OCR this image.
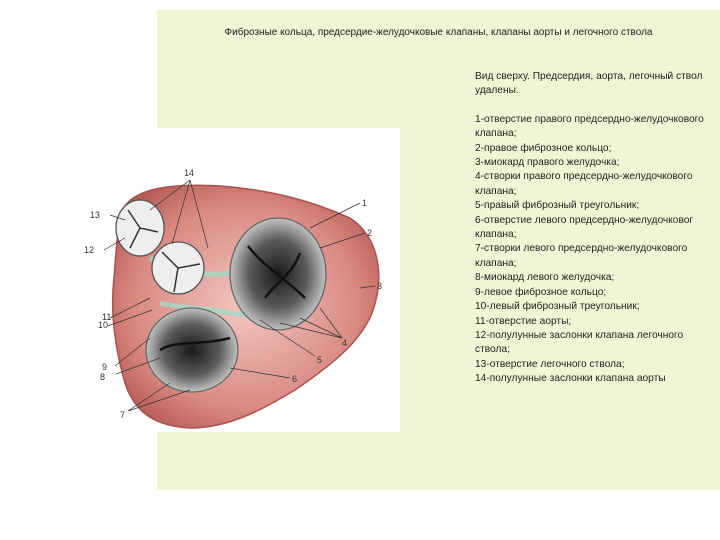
Фиброзные кольца, предсердие-желудочковые клапаны, клапаны аорты и легочного ствола
14
13
12
1
2
3
4
5
6
11
10
9
8
7

Вид сверху. Предсердия, аорта, легочный ствол удалены.

1-отверстие правого предсердно-желудочкового клапана;
2-правое фиброзное кольцо;
3-миокард правого желудочка;
4-створки правого предсердно-желудочкового клапана;
5-правый фиброзный треугольник;
6-отверстие левого предсердно-желудочковог клапана;
7-створки левого предсердно-желудочкового клапана;
8-миокард левого желудочка;
9-левое фиброзное кольцо;
10-левый фиброзный треугольник;
11-отверстие аорты;
12-полулунные заслонки клапана легочного ствола;
13-отверстие легочного ствола;
14-полулунные заслонки клапана аорты
